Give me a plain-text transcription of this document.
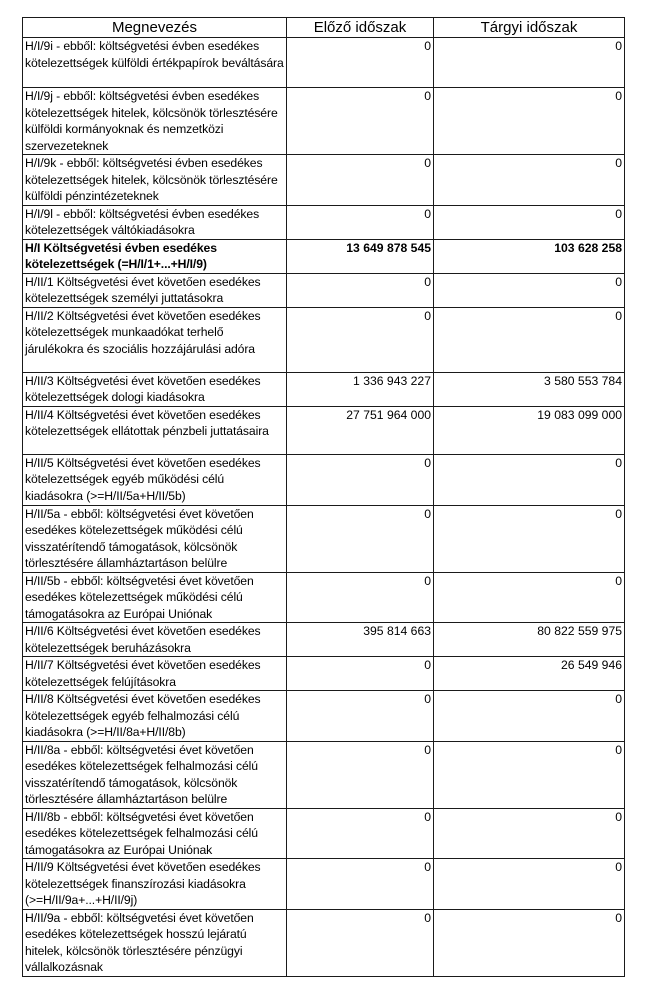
Megnevezés	Előző időszak	Tárgyi időszak
H/I/9i - ebből: költségvetési évben esedékes kötelezettségek külföldi értékpapírok beváltására	0	0
H/I/9j - ebből: költségvetési évben esedékes kötelezettségek hitelek, kölcsönök törlesztésére külföldi kormányoknak és nemzetközi szervezeteknek	0	0
H/I/9k - ebből: költségvetési évben esedékes kötelezettségek hitelek, kölcsönök törlesztésére külföldi pénzintézeteknek	0	0
H/I/9l - ebből: költségvetési évben esedékes kötelezettségek váltókiadásokra	0	0
H/I Költségvetési évben esedékes kötelezettségek (=H/I/1+...+H/I/9)	13 649 878 545	103 628 258
H/II/1 Költségvetési évet követően esedékes kötelezettségek személyi juttatásokra	0	0
H/II/2 Költségvetési évet követően esedékes kötelezettségek munkaadókat terhelő járulékokra és szociális hozzájárulási adóra	0	0
H/II/3 Költségvetési évet követően esedékes kötelezettségek dologi kiadásokra	1 336 943 227	3 580 553 784
H/II/4 Költségvetési évet követően esedékes kötelezettségek ellátottak pénzbeli juttatásaira	27 751 964 000	19 083 099 000
H/II/5 Költségvetési évet követően esedékes kötelezettségek egyéb működési célú kiadásokra (>=H/II/5a+H/II/5b)	0	0
H/II/5a - ebből: költségvetési évet követően esedékes kötelezettségek működési célú visszatérítendő támogatások, kölcsönök törlesztésére államháztartáson belülre	0	0
H/II/5b - ebből: költségvetési évet követően esedékes kötelezettségek működési célú támogatásokra az Európai Uniónak	0	0
H/II/6 Költségvetési évet követően esedékes kötelezettségek beruházásokra	395 814 663	80 822 559 975
H/II/7 Költségvetési évet követően esedékes kötelezettségek felújításokra	0	26 549 946
H/II/8 Költségvetési évet követően esedékes kötelezettségek egyéb felhalmozási célú kiadásokra (>=H/II/8a+H/II/8b)	0	0
H/II/8a - ebből: költségvetési évet követően esedékes kötelezettségek felhalmozási célú visszatérítendő támogatások, kölcsönök törlesztésére államháztartáson belülre	0	0
H/II/8b - ebből: költségvetési évet követően esedékes kötelezettségek felhalmozási célú támogatásokra az Európai Uniónak	0	0
H/II/9 Költségvetési évet követően esedékes kötelezettségek finanszírozási kiadásokra (>=H/II/9a+...+H/II/9j)	0	0
H/II/9a - ebből: költségvetési évet követően esedékes kötelezettségek hosszú lejáratú hitelek, kölcsönök törlesztésére pénzügyi vállalkozásnak	0	0
